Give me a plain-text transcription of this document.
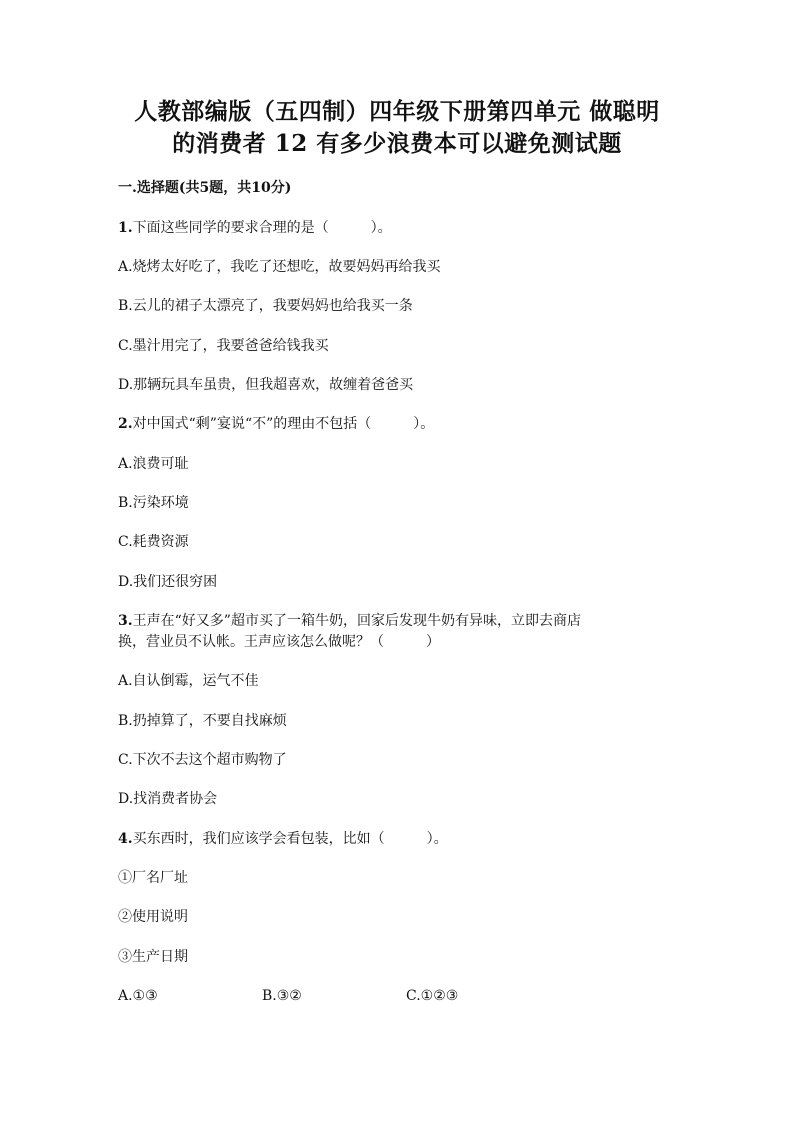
人教部编版（五四制）四年级下册第四单元 做聪明
的消费者 12 有多少浪费本可以避免测试题
一.选择题(共5题，共10分)
1.下面这些同学的要求合理的是（　　　）。
A.烧烤太好吃了，我吃了还想吃，故要妈妈再给我买
B.云儿的裙子太漂亮了，我要妈妈也给我买一条
C.墨汁用完了，我要爸爸给钱我买
D.那辆玩具车虽贵，但我超喜欢，故缠着爸爸买
2.对中国式“剩”宴说“不”的理由不包括（　　　）。
A.浪费可耻
B.污染环境
C.耗费资源
D.我们还很穷困
3.王声在“好又多”超市买了一箱牛奶，回家后发现牛奶有异味，立即去商店
换，营业员不认帐。王声应该怎么做呢？（　　　）
A.自认倒霉，运气不佳
B.扔掉算了，不要自找麻烦
C.下次不去这个超市购物了
D.找消费者协会
4.买东西时，我们应该学会看包装，比如（　　　）。
①厂名厂址
②使用说明
③生产日期
A.①③	B.③②	C.①②③
